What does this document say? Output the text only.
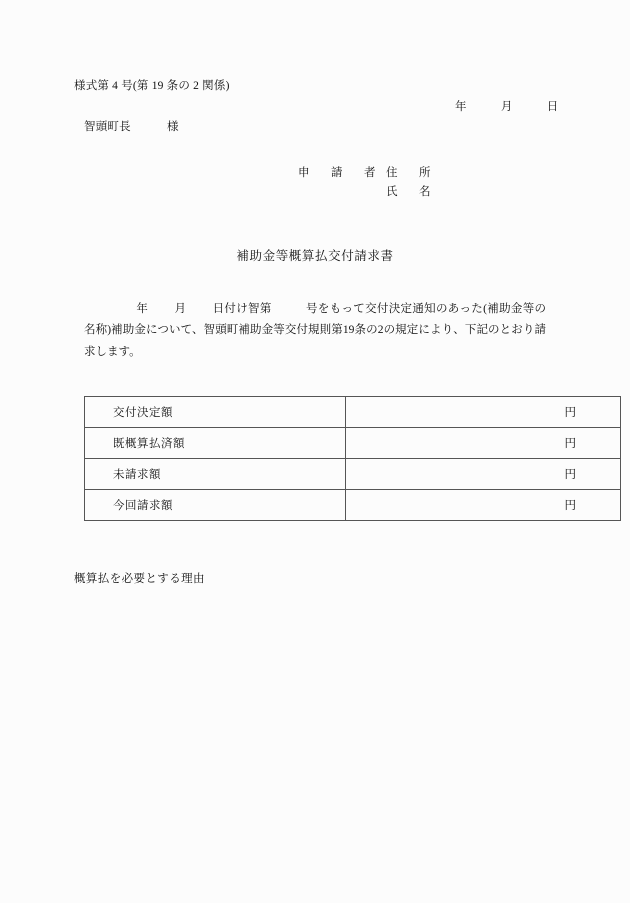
様式第 4 号(第 19 条の 2 関係)
年	月	日
智頭町長	様
申　請　者 住　所
氏　名
補助金等概算払交付請求書
年 月 日付け智第	号をもって交付決定通知のあった(補助金等の名称)補助金について、智頭町補助金等交付規則第19条の2の規定により、下記のとおり請求します。
交付決定額	円
既概算払済額	円
未請求額	円
今回請求額	円
概算払を必要とする理由
